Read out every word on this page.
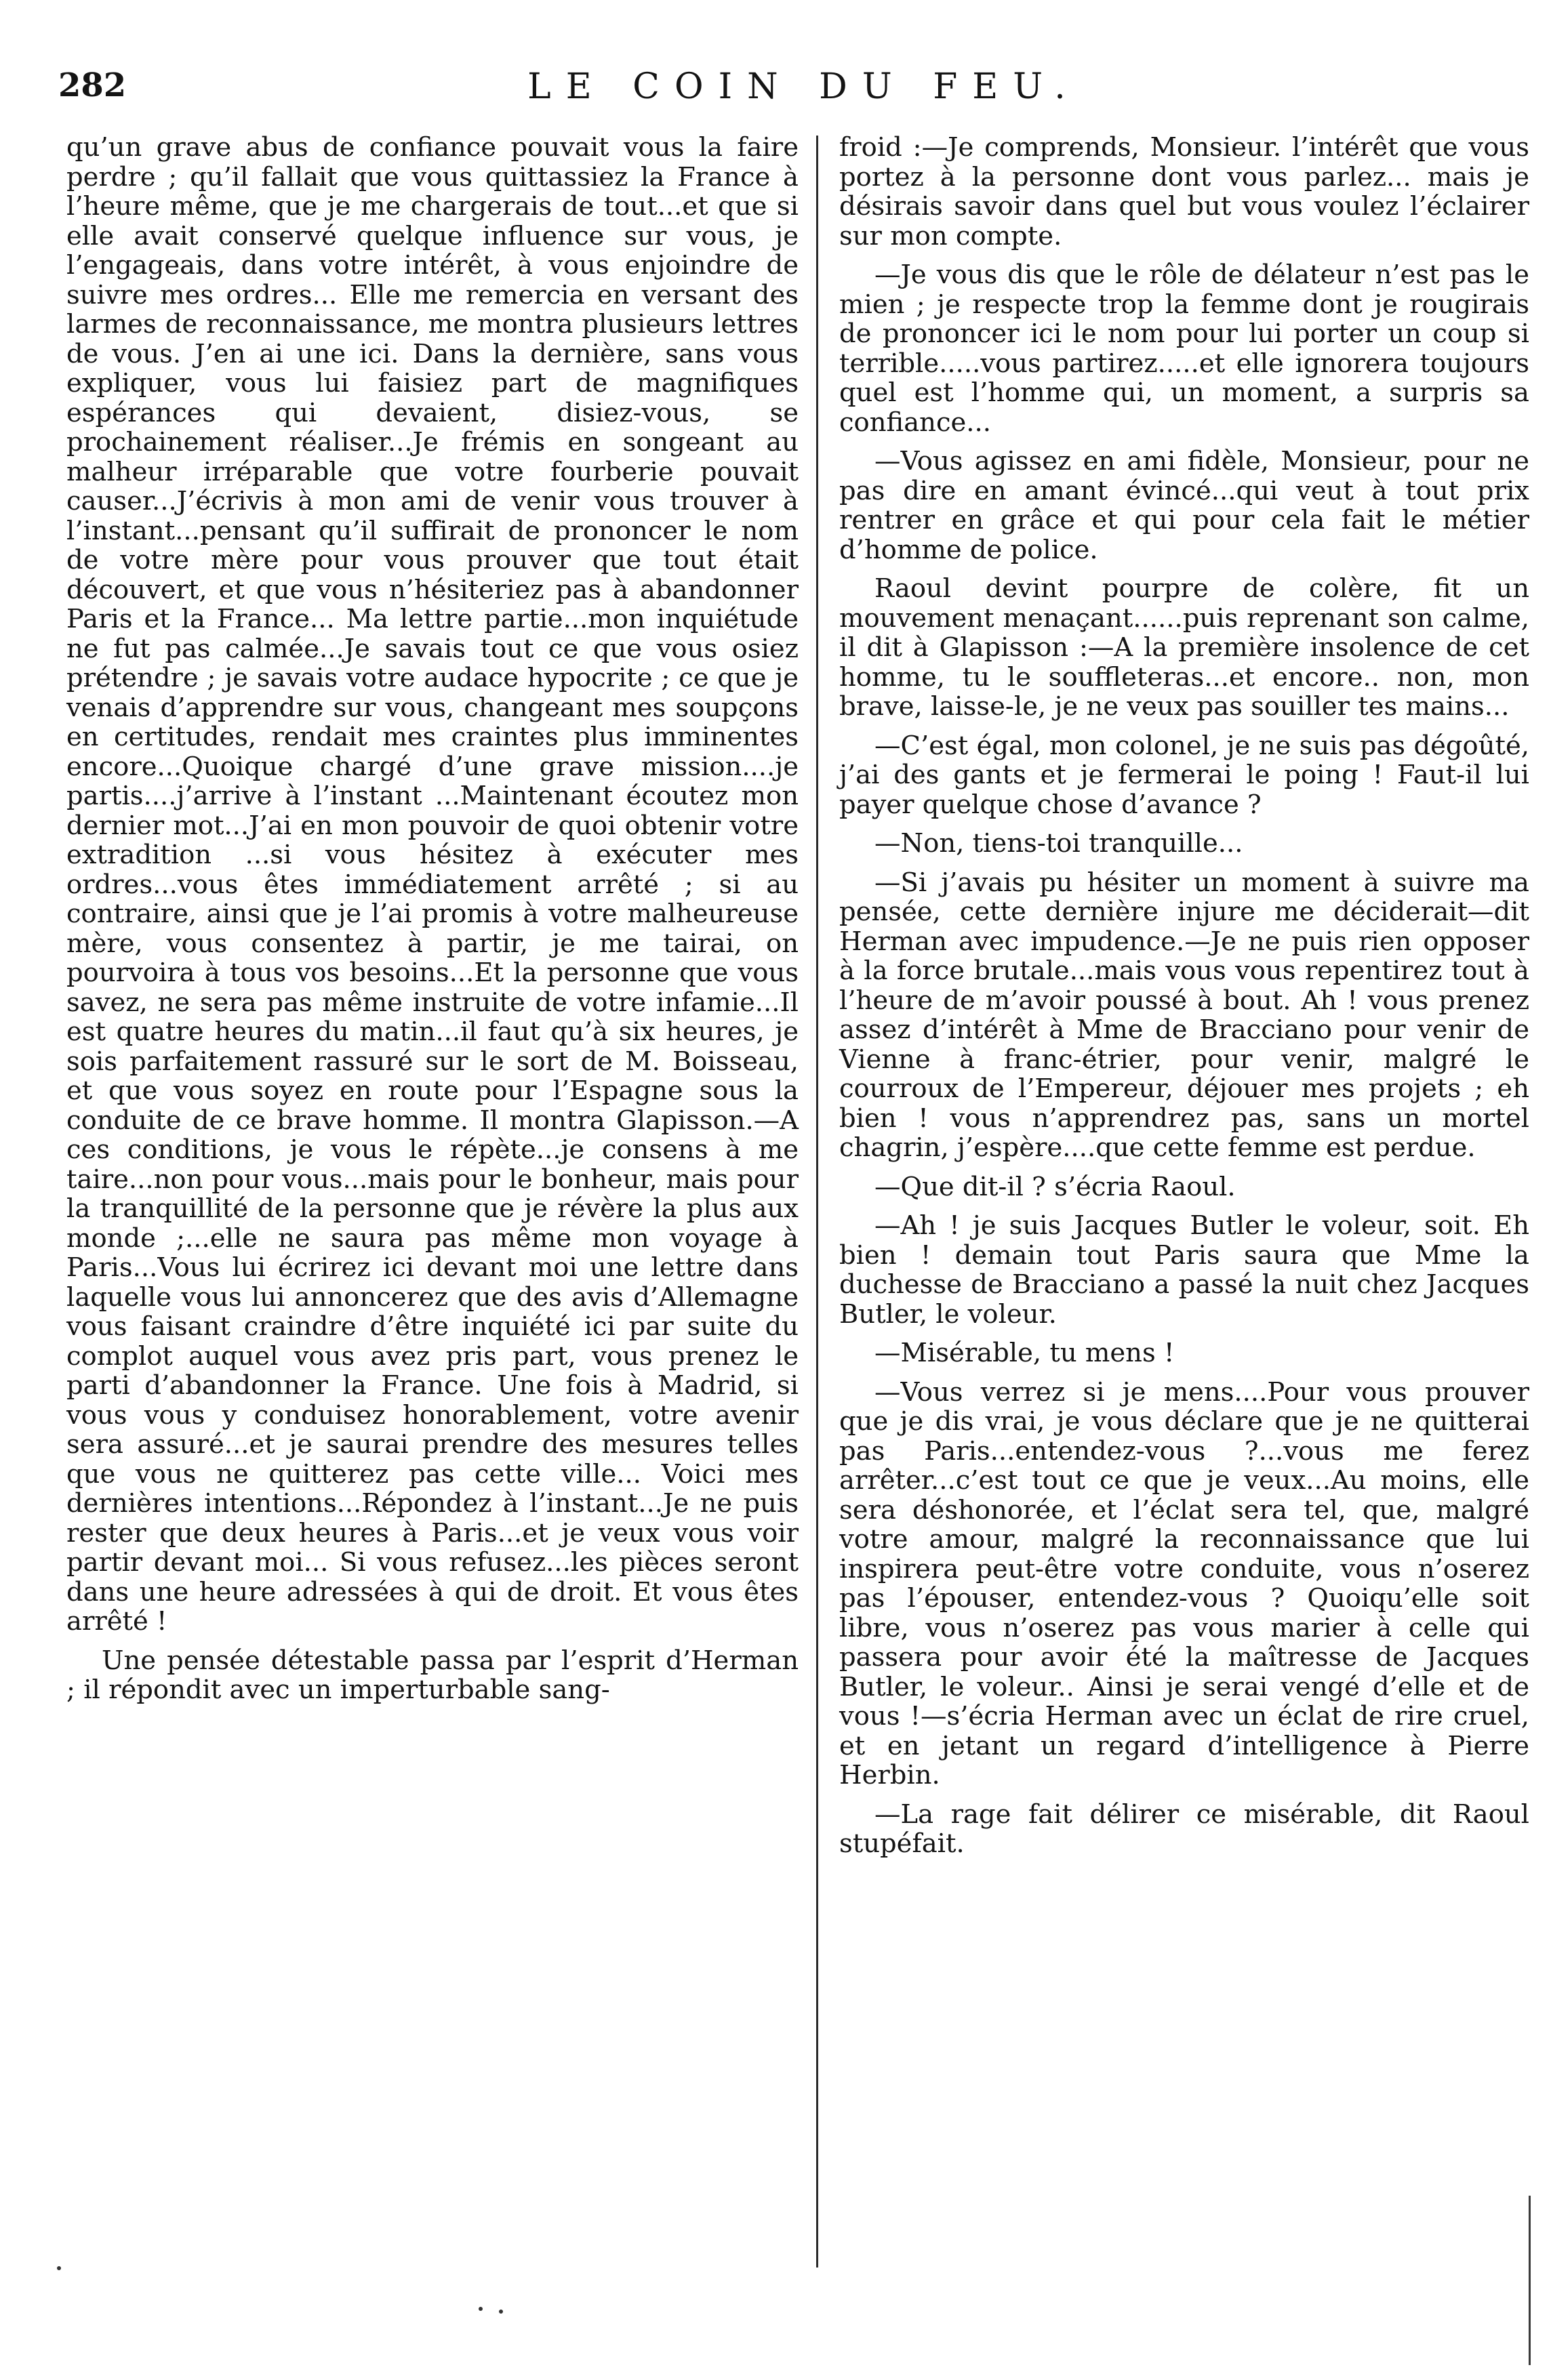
282	LE COIN DU FEU.

qu’un grave abus de confiance pouvait vous la faire perdre ; qu’il fallait que vous quittassiez la France à l’heure même, que je me chargerais de tout...et que si elle avait conservé quelque influence sur vous, je l’engageais, dans votre intérêt, à vous enjoindre de suivre mes ordres... Elle me remercia en versant des larmes de reconnaissance, me montra plusieurs lettres de vous. J’en ai une ici. Dans la dernière, sans vous expliquer, vous lui faisiez part de magnifiques espérances qui devaient, disiez-vous, se prochainement réaliser...Je frémis en songeant au malheur irréparable que votre fourberie pouvait causer...J’écrivis à mon ami de venir vous trouver à l’instant...pensant qu’il suffirait de prononcer le nom de votre mère pour vous prouver que tout était découvert, et que vous n’hésiteriez pas à abandonner Paris et la France... Ma lettre partie...mon inquiétude ne fut pas calmée...Je savais tout ce que vous osiez prétendre ; je savais votre audace hypocrite ; ce que je venais d’apprendre sur vous, changeant mes soupçons en certitudes, rendait mes craintes plus imminentes encore...Quoique chargé d’une grave mission....je partis....j’arrive à l’instant ...Maintenant écoutez mon dernier mot...J’ai en mon pouvoir de quoi obtenir votre extradition ...si vous hésitez à exécuter mes ordres...vous êtes immédiatement arrêté ; si au contraire, ainsi que je l’ai promis à votre malheureuse mère, vous consentez à partir, je me tairai, on pourvoira à tous vos besoins...Et la personne que vous savez, ne sera pas même instruite de votre infamie...Il est quatre heures du matin...il faut qu’à six heures, je sois parfaitement rassuré sur le sort de M. Boisseau, et que vous soyez en route pour l’Espagne sous la conduite de ce brave homme. Il montra Glapisson.—A ces conditions, je vous le répète...je consens à me taire...non pour vous...mais pour le bonheur, mais pour la tranquillité de la personne que je révère la plus aux monde ;...elle ne saura pas même mon voyage à Paris...Vous lui écrirez ici devant moi une lettre dans laquelle vous lui annoncerez que des avis d’Allemagne vous faisant craindre d’être inquiété ici par suite du complot auquel vous avez pris part, vous prenez le parti d’abandonner la France. Une fois à Madrid, si vous vous y conduisez honorablement, votre avenir sera assuré...et je saurai prendre des mesures telles que vous ne quitterez pas cette ville... Voici mes dernières intentions...Répondez à l’instant...Je ne puis rester que deux heures à Paris...et je veux vous voir partir devant moi... Si vous refusez...les pièces seront dans une heure adressées à qui de droit. Et vous êtes arrêté !

Une pensée détestable passa par l’esprit d’Herman ; il répondit avec un imperturbable sang-

froid :—Je comprends, Monsieur. l’intérêt que vous portez à la personne dont vous parlez... mais je désirais savoir dans quel but vous voulez l’éclairer sur mon compte.

—Je vous dis que le rôle de délateur n’est pas le mien ; je respecte trop la femme dont je rougirais de prononcer ici le nom pour lui porter un coup si terrible.....vous partirez.....et elle ignorera toujours quel est l’homme qui, un moment, a surpris sa confiance...

—Vous agissez en ami fidèle, Monsieur, pour ne pas dire en amant évincé...qui veut à tout prix rentrer en grâce et qui pour cela fait le métier d’homme de police.

Raoul devint pourpre de colère, fit un mouvement menaçant......puis reprenant son calme, il dit à Glapisson :—A la première insolence de cet homme, tu le souffleteras...et encore.. non, mon brave, laisse-le, je ne veux pas souiller tes mains...

—C’est égal, mon colonel, je ne suis pas dégoûté, j’ai des gants et je fermerai le poing ! Faut-il lui payer quelque chose d’avance ?

—Non, tiens-toi tranquille...

—Si j’avais pu hésiter un moment à suivre ma pensée, cette dernière injure me déciderait—dit Herman avec impudence.—Je ne puis rien opposer à la force brutale...mais vous vous repentirez tout à l’heure de m’avoir poussé à bout. Ah ! vous prenez assez d’intérêt à Mme de Bracciano pour venir de Vienne à franc-étrier, pour venir, malgré le courroux de l’Empereur, déjouer mes projets ; eh bien ! vous n’apprendrez pas, sans un mortel chagrin, j’espère....que cette femme est perdue.

—Que dit-il ? s’écria Raoul.

—Ah ! je suis Jacques Butler le voleur, soit. Eh bien ! demain tout Paris saura que Mme la duchesse de Bracciano a passé la nuit chez Jacques Butler, le voleur.

—Misérable, tu mens !

—Vous verrez si je mens....Pour vous prouver que je dis vrai, je vous déclare que je ne quitterai pas Paris...entendez-vous ?...vous me ferez arrêter...c’est tout ce que je veux...Au moins, elle sera déshonorée, et l’éclat sera tel, que, malgré votre amour, malgré la reconnaissance que lui inspirera peut-être votre conduite, vous n’oserez pas l’épouser, entendez-vous ? Quoiqu’elle soit libre, vous n’oserez pas vous marier à celle qui passera pour avoir été la maîtresse de Jacques Butler, le voleur.. Ainsi je serai vengé d’elle et de vous !—s’écria Herman avec un éclat de rire cruel, et en jetant un regard d’intelligence à Pierre Herbin.

—La rage fait délirer ce misérable, dit Raoul stupéfait.
